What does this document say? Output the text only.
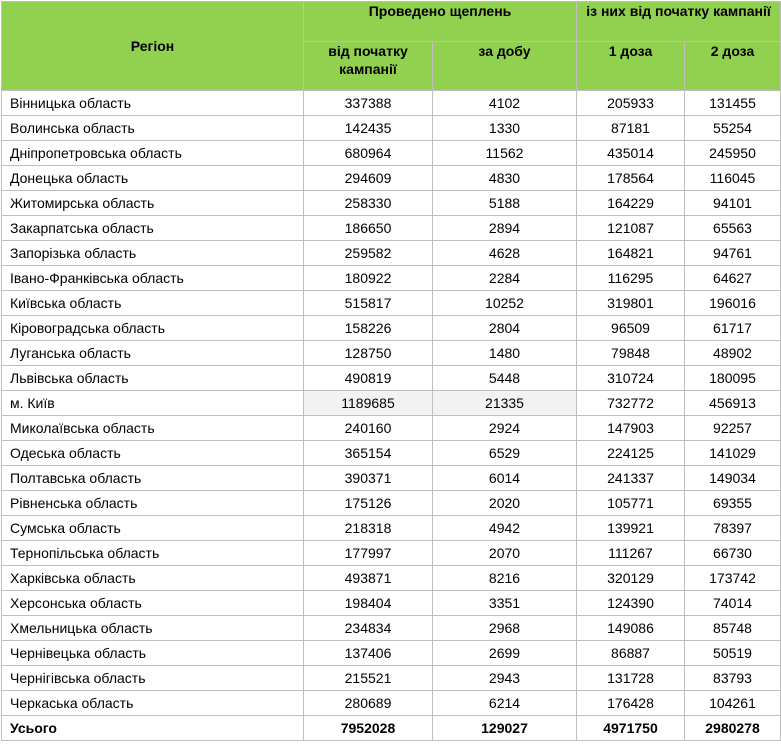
Регіон	Проведено щеплень		із них від початку кампанії	
	від початку кампанії	за добу	1 доза	2 доза
Вінницька область	337388	4102	205933	131455
Волинська область	142435	1330	87181	55254
Дніпропетровська область	680964	11562	435014	245950
Донецька область	294609	4830	178564	116045
Житомирська область	258330	5188	164229	94101
Закарпатська область	186650	2894	121087	65563
Запорізька область	259582	4628	164821	94761
Івано-Франківська область	180922	2284	116295	64627
Київська область	515817	10252	319801	196016
Кіровоградська область	158226	2804	96509	61717
Луганська область	128750	1480	79848	48902
Львівська область	490819	5448	310724	180095
м. Київ	1189685	21335	732772	456913
Миколаївська область	240160	2924	147903	92257
Одеська область	365154	6529	224125	141029
Полтавська область	390371	6014	241337	149034
Рівненська область	175126	2020	105771	69355
Сумська область	218318	4942	139921	78397
Тернопільська область	177997	2070	111267	66730
Харківська область	493871	8216	320129	173742
Херсонська область	198404	3351	124390	74014
Хмельницька область	234834	2968	149086	85748
Чернівецька область	137406	2699	86887	50519
Чернігівська область	215521	2943	131728	83793
Черкаська область	280689	6214	176428	104261
Усього	7952028	129027	4971750	2980278
